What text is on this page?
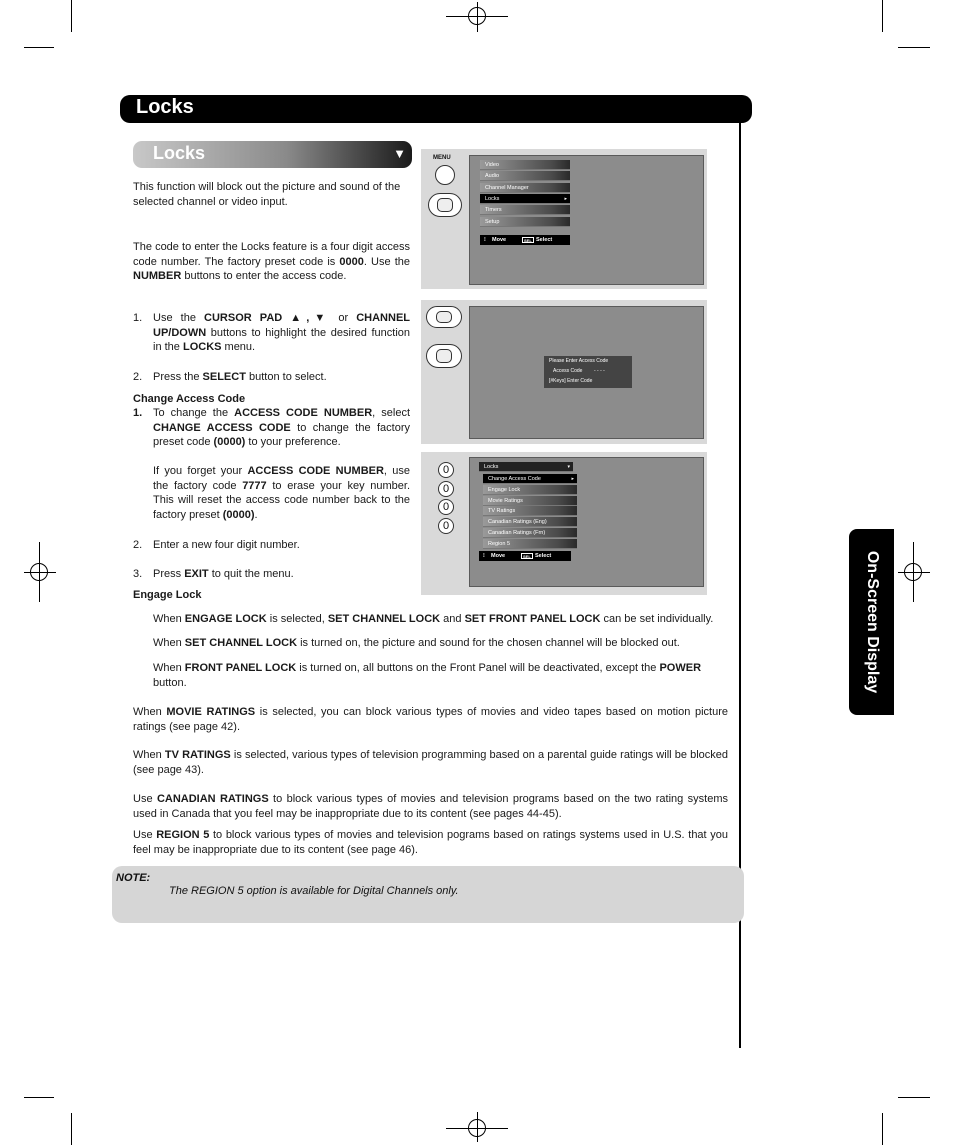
Locks
On-Screen Display
Locks	▼
This function will block out the picture and sound of the selected channel or video input.
The code to enter the Locks feature is a four digit access code number. The factory preset code is 0000. Use the NUMBER buttons to enter the access code.
1. Use the CURSOR PAD ▲,▼ or CHANNEL UP/DOWN buttons to highlight the desired function in the LOCKS menu.
2. Press the SELECT button to select.
Change Access Code
1. To change the ACCESS CODE NUMBER, select CHANGE ACCESS CODE to change the factory preset code (0000) to your preference.
If you forget your ACCESS CODE NUMBER, use the factory code 7777 to erase your key number. This will reset the access code number back to the factory preset (0000).
2. Enter a new four digit number.
3. Press EXIT to quit the menu.
Engage Lock
When ENGAGE LOCK is selected, SET CHANNEL LOCK and SET FRONT PANEL LOCK can be set individually.
When SET CHANNEL LOCK is turned on, the picture and sound for the chosen channel will be blocked out.
When FRONT PANEL LOCK is turned on, all buttons on the Front Panel will be deactivated, except the POWER button.
When MOVIE RATINGS is selected, you can block various types of movies and video tapes based on motion picture ratings (see page 42).
When TV RATINGS is selected, various types of television programming based on a parental guide ratings will be blocked (see page 43).
Use CANADIAN RATINGS to block various types of movies and television programs based on the two rating systems used in Canada that you feel may be inappropriate due to its content (see pages 44-45).
Use REGION 5 to block various types of movies and television pograms based on ratings systems used in U.S. that you feel may be inappropriate due to its content (see page 46).
NOTE:
The REGION 5 option is available for Digital Channels only.
MENU
Video
Audio
Channel Manager
Locks	▸
Timers
Setup
⁝ Move	SEL Select
Please Enter Access Code
Access Code - - - -
[#Keys] Enter Code
0
0
0
0
Locks	▾
Change Access Code	▸
Engage Lock
Movie Ratings
TV Ratings
Canadian Ratings (Eng)
Canadian Ratings (Frn)
Region 5
⁝ Move	SEL Select
